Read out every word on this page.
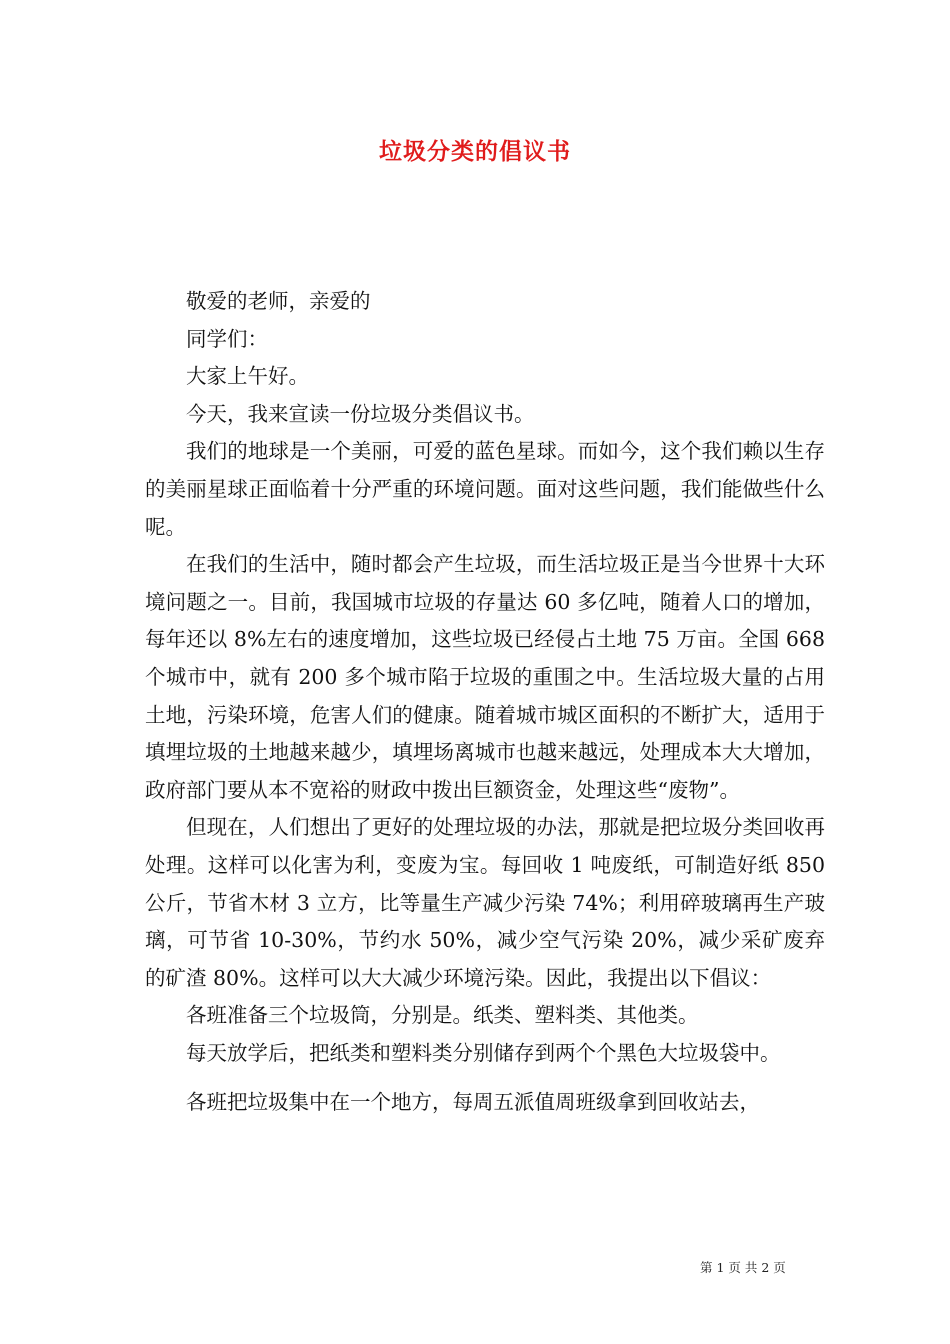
垃圾分类的倡议书

敬爱的老师，亲爱的

同学们：

大家上午好。

今天，我来宣读一份垃圾分类倡议书。

我们的地球是一个美丽，可爱的蓝色星球。而如今，这个我们赖以生存的美丽星球正面临着十分严重的环境问题。面对这些问题，我们能做些什么呢。

在我们的生活中，随时都会产生垃圾，而生活垃圾正是当今世界十大环境问题之一。目前，我国城市垃圾的存量达 60 多亿吨，随着人口的增加，每年还以 8%左右的速度增加，这些垃圾已经侵占土地 75 万亩。全国 668 个城市中，就有 200 多个城市陷于垃圾的重围之中。生活垃圾大量的占用土地，污染环境，危害人们的健康。随着城市城区面积的不断扩大，适用于填埋垃圾的土地越来越少，填埋场离城市也越来越远，处理成本大大增加，政府部门要从本不宽裕的财政中拨出巨额资金，处理这些“废物”。

但现在，人们想出了更好的处理垃圾的办法，那就是把垃圾分类回收再处理。这样可以化害为利，变废为宝。每回收 1 吨废纸，可制造好纸 850 公斤，节省木材 3 立方，比等量生产减少污染 74%；利用碎玻璃再生产玻璃，可节省 10-30%，节约水 50%，减少空气污染 20%，减少采矿废弃的矿渣 80%。这样可以大大减少环境污染。因此，我提出以下倡议：

各班准备三个垃圾筒，分别是。纸类、塑料类、其他类。

每天放学后，把纸类和塑料类分别储存到两个个黑色大垃圾袋中。

各班把垃圾集中在一个地方，每周五派值周班级拿到回收站去，

第 1 页 共 2 页
